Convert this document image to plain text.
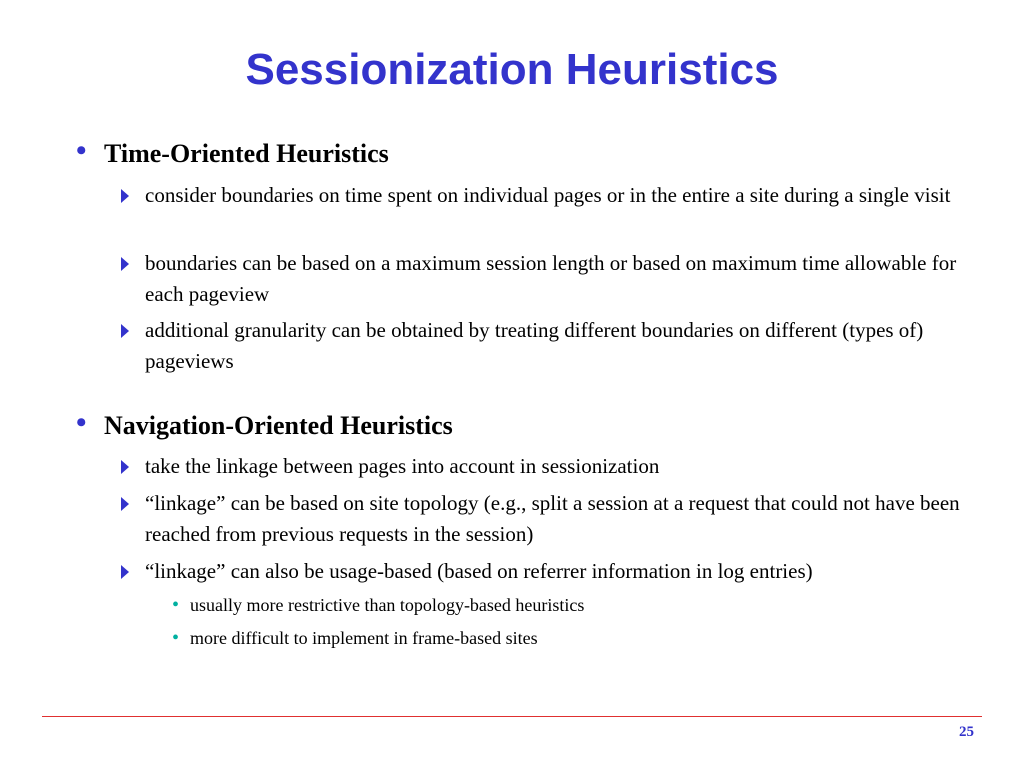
Sessionization Heuristics
• Time-Oriented Heuristics
consider boundaries on time spent on individual pages or in the entire a site during a single visit
boundaries can be based on a maximum session length or based on maximum time allowable for each pageview
additional granularity can be obtained by treating different boundaries on different (types of) pageviews
• Navigation-Oriented Heuristics
take the linkage between pages into account in sessionization
“linkage” can be based on site topology (e.g., split a session at a request that could not have been reached from previous requests in the session)
“linkage” can also be usage-based (based on referrer information in log entries)
• usually more restrictive than topology-based heuristics
• more difficult to implement in frame-based sites
25
